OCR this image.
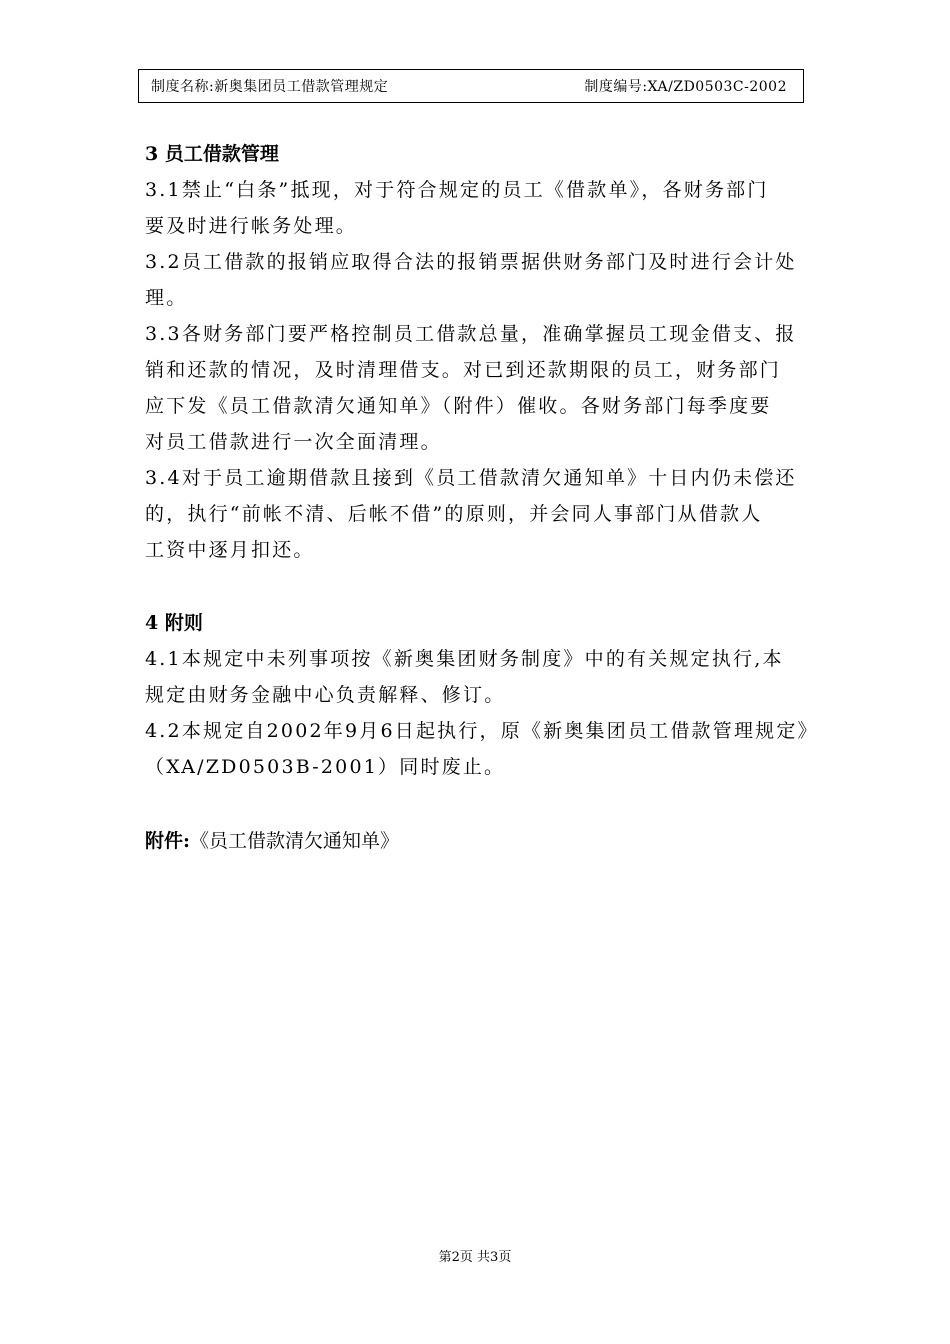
制度名称:新奥集团员工借款管理规定	制度编号:XA/ZD0503C-2002

3 员工借款管理

3.1禁止“白条”抵现，对于符合规定的员工《借款单》，各财务部门

要及时进行帐务处理。

3.2员工借款的报销应取得合法的报销票据供财务部门及时进行会计处

理。

3.3各财务部门要严格控制员工借款总量，准确掌握员工现金借支、报

销和还款的情况，及时清理借支。对已到还款期限的员工，财务部门

应下发《员工借款清欠通知单》（附件）催收。各财务部门每季度要

对员工借款进行一次全面清理。

3.4对于员工逾期借款且接到《员工借款清欠通知单》十日内仍未偿还

的，执行“前帐不清、后帐不借”的原则，并会同人事部门从借款人

工资中逐月扣还。

4 附则

4.1本规定中未列事项按《新奥集团财务制度》中的有关规定执行,本

规定由财务金融中心负责解释、修订。

4.2本规定自2002年9月6日起执行，原《新奥集团员工借款管理规定》

（XA/ZD0503B-2001）同时废止。

附件:《员工借款清欠通知单》

第2页 共3页
